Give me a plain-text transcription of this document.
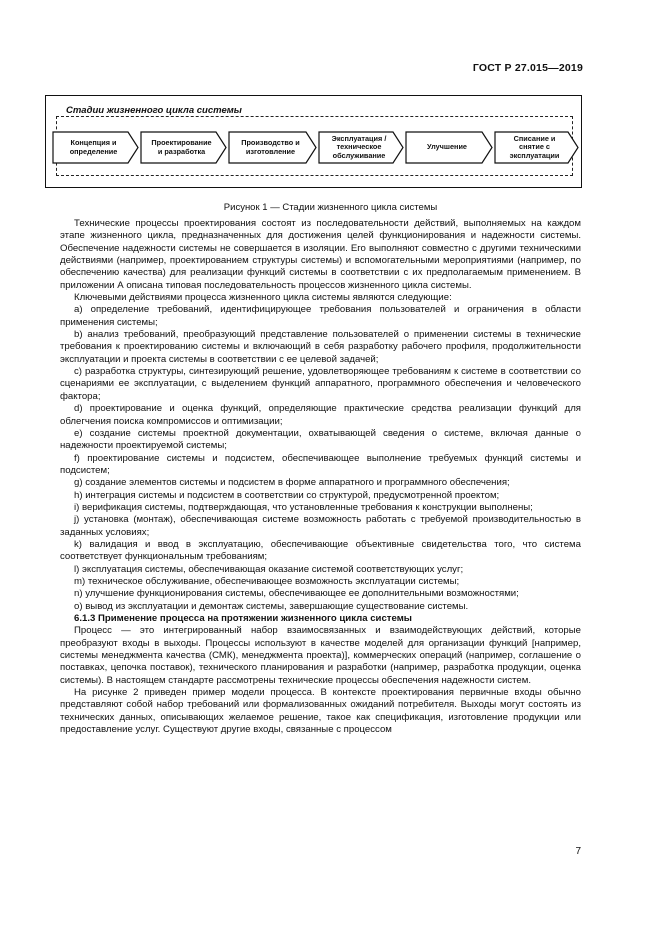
ГОСТ Р 27.015—2019
Стадии жизненного цикла системы
Концепция и определение
Проектирование и разработка
Производство и изготовление
Эксплуатация / техническое обслуживание
Улучшение
Списание и снятие с эксплуатации
Рисунок 1 — Стадии жизненного цикла системы

Технические процессы проектирования состоят из последовательности действий, выполняемых на каждом этапе жизненного цикла, предназначенных для достижения целей функционирования и надежности системы. Обеспечение надежности системы не совершается в изоляции. Его выполняют совместно с другими техническими действиями (например, проектированием структуры системы) и вспомогательными мероприятиями (например, по обеспечению качества) для реализации функций системы в соответствии с их предполагаемым применением. В приложении А описана типовая последовательность процессов жизненного цикла системы.

Ключевыми действиями процесса жизненного цикла системы являются следующие:

a) определение требований, идентифицирующее требования пользователей и ограничения в области применения системы;

b) анализ требований, преобразующий представление пользователей о применении системы в технические требования к проектированию системы и включающий в себя разработку рабочего профиля, продолжительности эксплуатации и проекта системы в соответствии с ее целевой задачей;

c) разработка структуры, синтезирующий решение, удовлетворяющее требованиям к системе в соответствии со сценариями ее эксплуатации, с выделением функций аппаратного, программного обеспечения и человеческого фактора;

d) проектирование и оценка функций, определяющие практические средства реализации функций для облегчения поиска компромиссов и оптимизации;

e) создание системы проектной документации, охватывающей сведения о системе, включая данные о надежности проектируемой системы;

f) проектирование системы и подсистем, обеспечивающее выполнение требуемых функций системы и подсистем;

g) создание элементов системы и подсистем в форме аппаратного и программного обеспечения;

h) интеграция системы и подсистем в соответствии со структурой, предусмотренной проектом;

i) верификация системы, подтверждающая, что установленные требования к конструкции выполнены;

j) установка (монтаж), обеспечивающая системе возможность работать с требуемой производительностью в заданных условиях;

k) валидация и ввод в эксплуатацию, обеспечивающие объективные свидетельства того, что система соответствует функциональным требованиям;

l) эксплуатация системы, обеспечивающая оказание системой соответствующих услуг;

m) техническое обслуживание, обеспечивающее возможность эксплуатации системы;

n) улучшение функционирования системы, обеспечивающее ее дополнительными возможностями;

o) вывод из эксплуатации и демонтаж системы, завершающие существование системы.

6.1.3 Применение процесса на протяжении жизненного цикла системы

Процесс — это интегрированный набор взаимосвязанных и взаимодействующих действий, которые преобразуют входы в выходы. Процессы используют в качестве моделей для организации функций [например, системы менеджмента качества (СМК), менеджмента проекта)], коммерческих операций (например, соглашение о поставках, цепочка поставок), технического планирования и разработки (например, разработка продукции, оценка системы). В настоящем стандарте рассмотрены технические процессы обеспечения надежности систем.

На рисунке 2 приведен пример модели процесса. В контексте проектирования первичные входы обычно представляют собой набор требований или формализованных ожиданий потребителя. Выходы могут состоять из технических данных, описывающих желаемое решение, такое как спецификация, изготовление продукции или предоставление услуг. Существуют другие входы, связанные с процессом

7
